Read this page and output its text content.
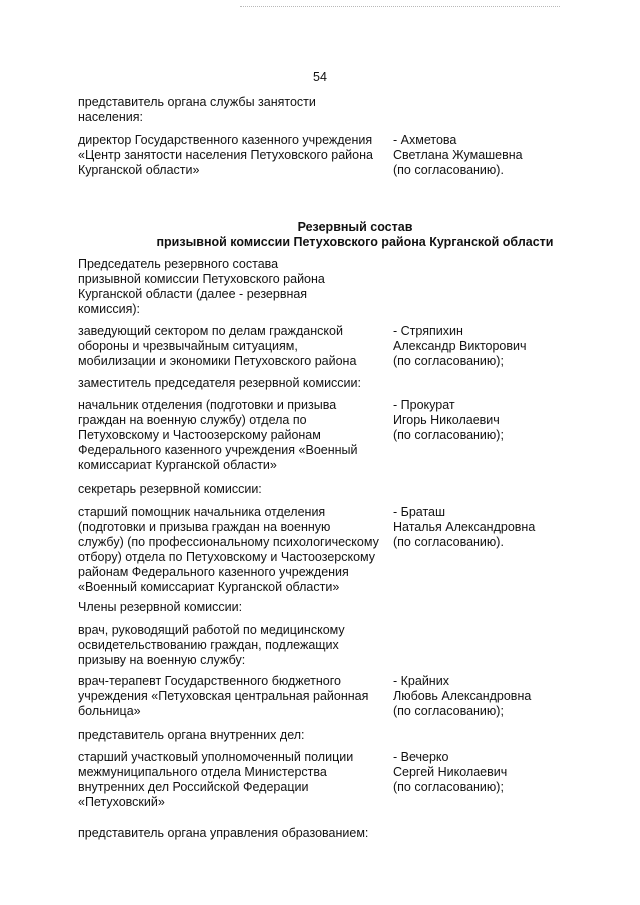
54
представитель органа службы занятости
населения:
директор Государственного казенного учреждения
«Центр занятости населения Петуховского района
Курганской области»
- Ахметова
Светлана Жумашевна
(по согласованию).
Резервный состав
призывной комиссии Петуховского района Курганской области
Председатель резервного состава
призывной комиссии Петуховского района
Курганской области (далее - резервная
комиссия):
заведующий сектором по делам гражданской
обороны и чрезвычайным ситуациям,
мобилизации и экономики Петуховского района
- Стряпихин
Александр Викторович
(по согласованию);
заместитель председателя резервной комиссии:
начальник отделения (подготовки и призыва
граждан на военную службу) отдела по
Петуховскому и Частоозерскому районам
Федерального казенного учреждения «Военный
комиссариат Курганской области»
- Прокурат
Игорь Николаевич
(по согласованию);
секретарь резервной комиссии:
старший помощник начальника отделения
(подготовки и призыва граждан на военную
службу) (по профессиональному психологическому
отбору) отдела по Петуховскому и Частоозерскому
районам Федерального казенного учреждения
«Военный комиссариат Курганской области»
- Браташ
Наталья Александровна
(по согласованию).
Члены резервной комиссии:
врач, руководящий работой по медицинскому
освидетельствованию граждан, подлежащих
призыву на военную службу:
врач-терапевт Государственного бюджетного
учреждения «Петуховская центральная районная
больница»
- Крайних
Любовь Александровна
(по согласованию);
представитель органа внутренних дел:
старший участковый уполномоченный полиции
межмуниципального отдела Министерства
внутренних дел Российской Федерации
«Петуховский»
- Вечерко
Сергей Николаевич
(по согласованию);
представитель органа управления образованием:
